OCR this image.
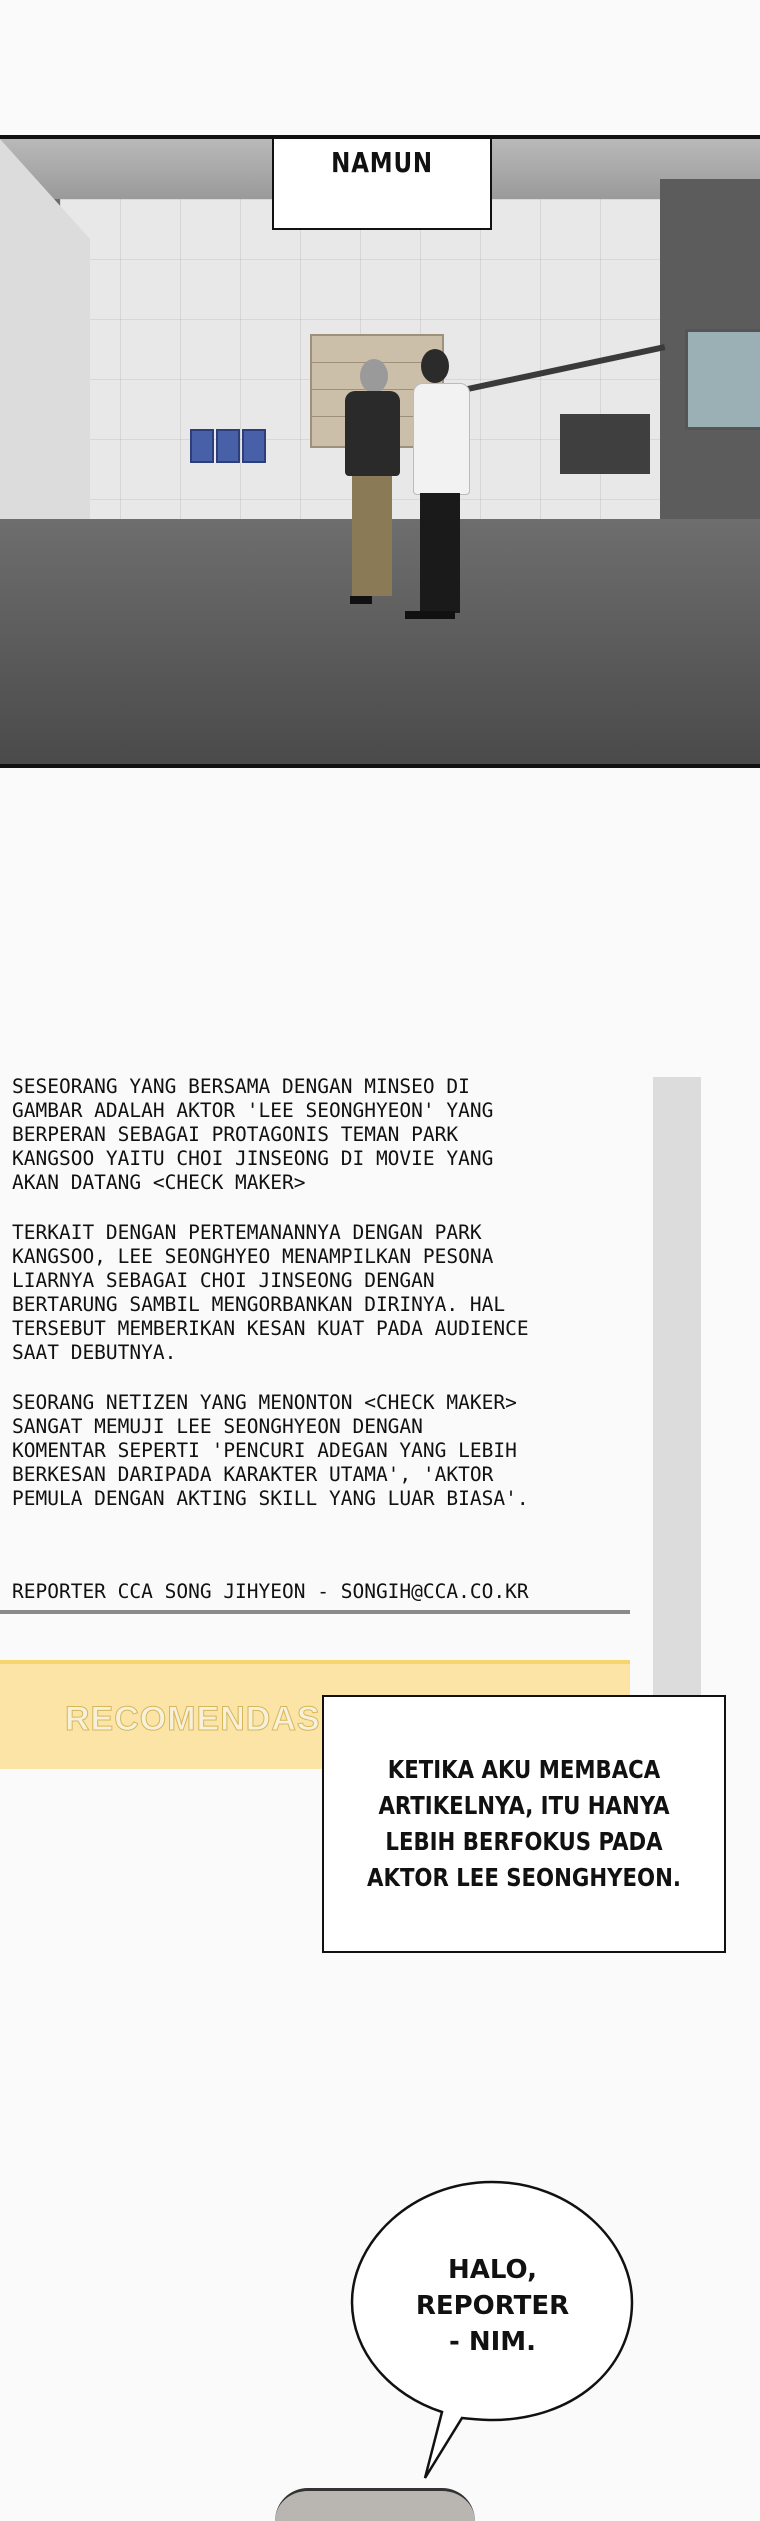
NAMUN

SESEORANG YANG BERSAMA DENGAN MINSEO DI
GAMBAR ADALAH AKTOR 'LEE SEONGHYEON' YANG
BERPERAN SEBAGAI PROTAGONIS TEMAN PARK
KANGSOO YAITU CHOI JINSEONG DI MOVIE YANG
AKAN DATANG <CHECK MAKER>

TERKAIT DENGAN PERTEMANANNYA DENGAN PARK
KANGSOO, LEE SEONGHYEO MENAMPILKAN PESONA
LIARNYA SEBAGAI CHOI JINSEONG DENGAN
BERTARUNG SAMBIL MENGORBANKAN DIRINYA. HAL
TERSEBUT MEMBERIKAN KESAN KUAT PADA AUDIENCE
SAAT DEBUTNYA.

SEORANG NETIZEN YANG MENONTON <CHECK MAKER>
SANGAT MEMUJI LEE SEONGHYEON DENGAN
KOMENTAR SEPERTI 'PENCURI ADEGAN YANG LEBIH
BERKESAN DARIPADA KARAKTER UTAMA', 'AKTOR
PEMULA DENGAN AKTING SKILL YANG LUAR BIASA'.

REPORTER CCA SONG JIHYEON - SONGIH@CCA.CO.KR
RECOMENDAS
KETIKA AKU MEMBACA
ARTIKELNYA, ITU HANYA
LEBIH BERFOKUS PADA
AKTOR LEE SEONGHYEON.
HALO,
REPORTER
- NIM.
